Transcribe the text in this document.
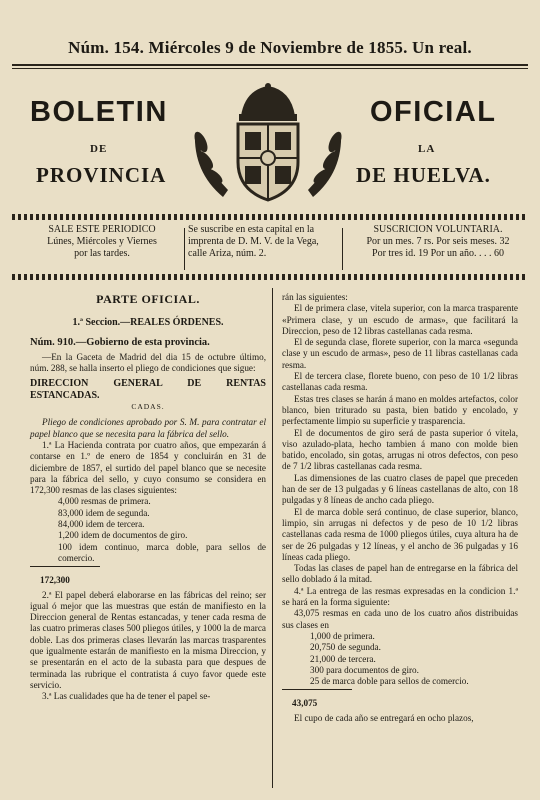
Núm. 154. Miércoles 9 de Noviembre de 1855. Un real.
BOLETIN	OFICIAL
DE	LA
PROVINCIA	DE HUELVA.
SALE ESTE PERIODICO
Lúnes, Miércoles y Viernes
por las tardes.
Se suscribe en esta capital en la
imprenta de D. M. V. de la Vega,
calle Ariza, núm. 2.
SUSCRICION VOLUNTARIA.
Por un mes. 7 rs. Por seis meses. 32
Por tres id. 19 Por un año. . . . 60

PARTE OFICIAL.

1.ª Seccion.—REALES ÓRDENES.

Núm. 910.—Gobierno de esta provincia.

—En la Gaceta de Madrid del dia 15 de octubre último, núm. 288, se halla inserto el pliego de condiciones que sigue:

DIRECCION GENERAL DE RENTAS ESTANCADAS.

CADAS.

Pliego de condiciones aprobado por S. M. para contratar el papel blanco que se necesita para la fábrica del sello.

1.ª La Hacienda contrata por cuatro años, que empezarán á contarse en 1.º de enero de 1854 y concluirán en 31 de diciembre de 1857, el surtido del papel blanco que se necesite para la fábrica del sello, y cuyo consumo se considera en 172,300 resmas de las clases siguientes:

4,000 resmas de primera.

83,000 idem de segunda.

84,000 idem de tercera.

1,200 idem de documentos de giro.

100 idem continuo, marca doble, para sellos de comercio.

172,300

2.ª El papel deberá elaborarse en las fábricas del reino; ser igual ó mejor que las muestras que están de manifiesto en la Direccion general de Rentas estancadas, y tener cada resma de las cuatro primeras clases 500 pliegos útiles, y 1000 la de marca doble. Las dos primeras clases llevarán las marcas trasparentes que igualmente estarán de manifiesto en la misma Direccion, y se presentarán en el acto de la subasta para que despues de terminada las rubrique el contratista á cuyo favor quede este servicio.

3.ª Las cualidades que ha de tener el papel se-

rán las siguientes:

El de primera clase, vitela superior, con la marca trasparente «Primera clase, y un escudo de armas», que facilitará la Direccion, peso de 12 libras castellanas cada resma.

El de segunda clase, florete superior, con la marca «segunda clase y un escudo de armas», peso de 11 libras castellanas cada resma.

El de tercera clase, florete bueno, con peso de 10 1/2 libras castellanas cada resma.

Estas tres clases se harán á mano en moldes artefactos, color blanco, bien triturado su pasta, bien batido y encolado, y perfectamente limpio su superficie y trasparencia.

El de documentos de giro será de pasta superior ó vitela, viso azulado-plata, hecho tambien á mano con molde bien batido, encolado, sin gotas, arrugas ni otros defectos, con peso de 7 1/2 libras castellanas cada resma.

Las dimensiones de las cuatro clases de papel que preceden han de ser de 13 pulgadas y 6 líneas castellanas de alto, con 18 pulgadas y 8 líneas de ancho cada pliego.

El de marca doble será continuo, de clase superior, blanco, limpio, sin arrugas ni defectos y de peso de 10 1/2 libras castellanas cada resma de 1000 pliegos útiles, cuya altura ha de ser de 26 pulgadas y 12 líneas, y el ancho de 36 pulgadas y 16 líneas cada pliego.

Todas las clases de papel han de entregarse en la fábrica del sello doblado á la mitad.

4.ª La entrega de las resmas expresadas en la condicion 1.ª se hará en la forma siguiente:

43,075 resmas en cada uno de los cuatro años distribuidas sus clases en

1,000 de primera.

20,750 de segunda.

21,000 de tercera.

300 para documentos de giro.

25 de marca doble para sellos de comercio.

43,075

El cupo de cada año se entregará en ocho plazos,
